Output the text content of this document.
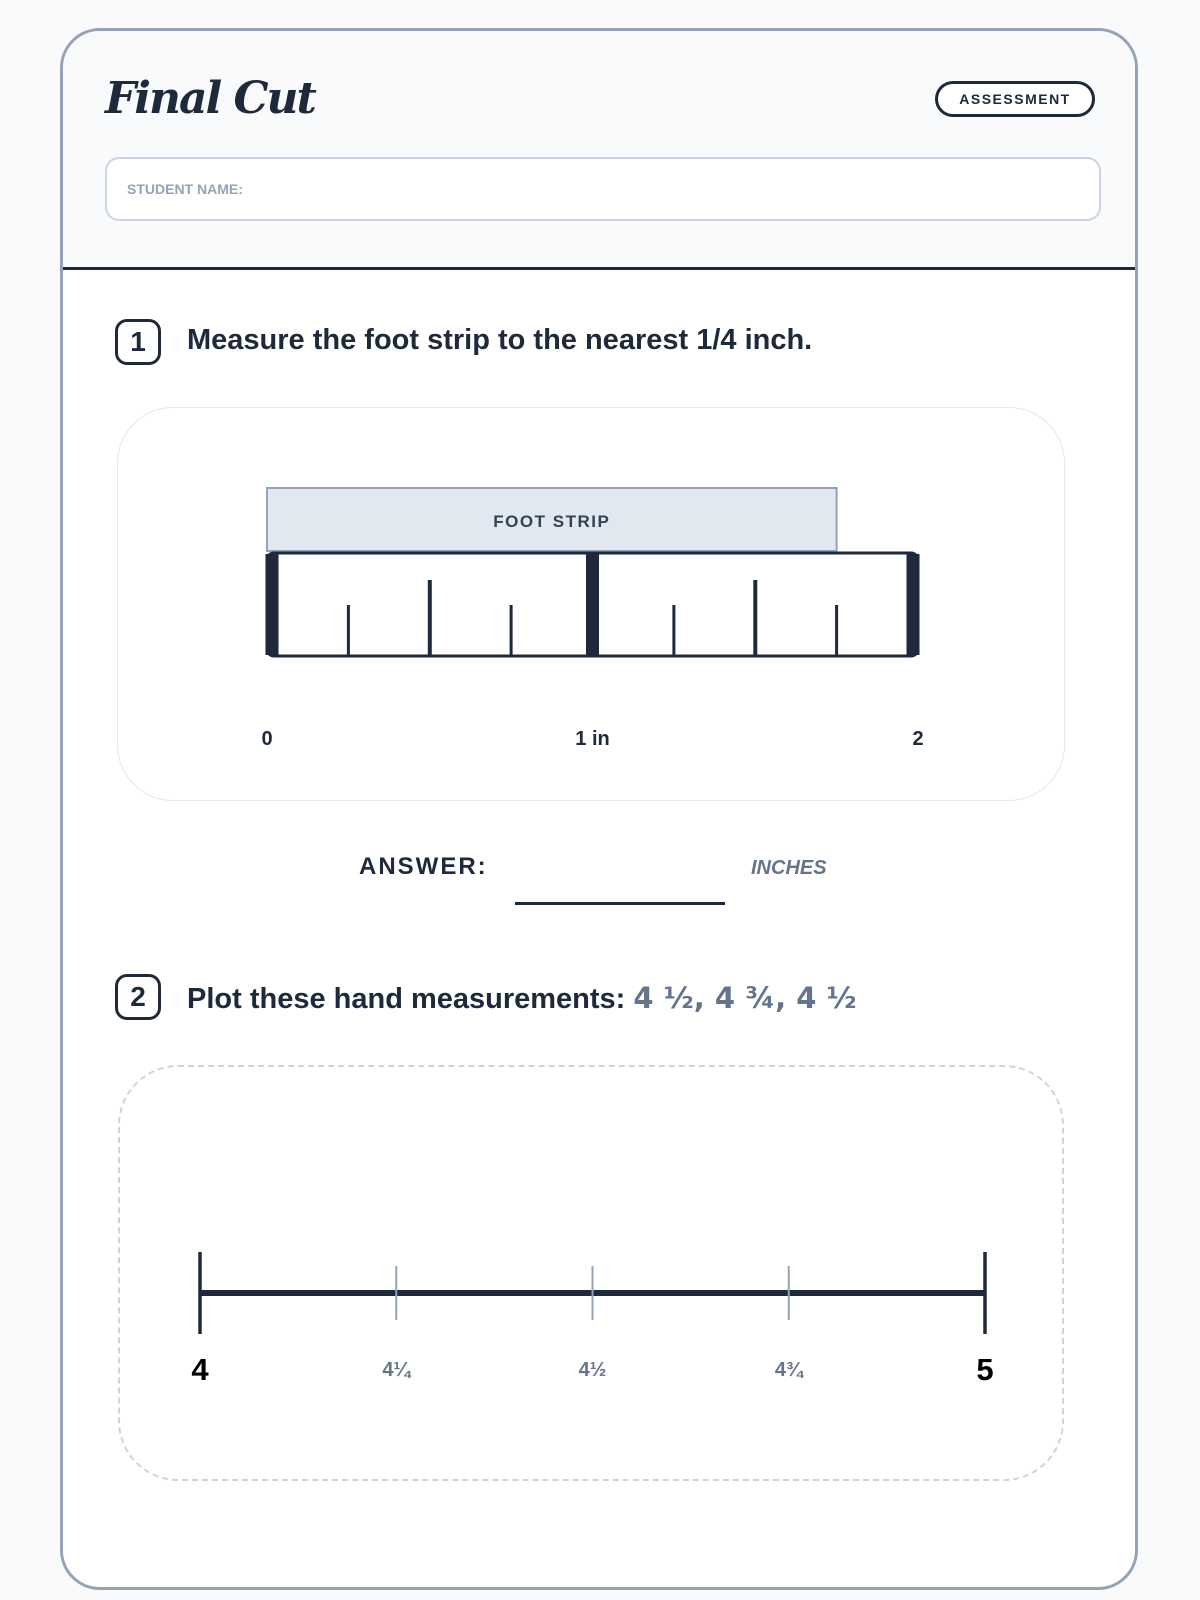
Final Cut	ASSESSMENT
STUDENT NAME:
1	Measure the foot strip to the nearest 1/4 inch.
FOOT STRIP
0	1 in	2
ANSWER:	INCHES
2	Plot these hand measurements: 4 ½, 4 ¾, 4 ½
4	4¼	4½	4¾	5
